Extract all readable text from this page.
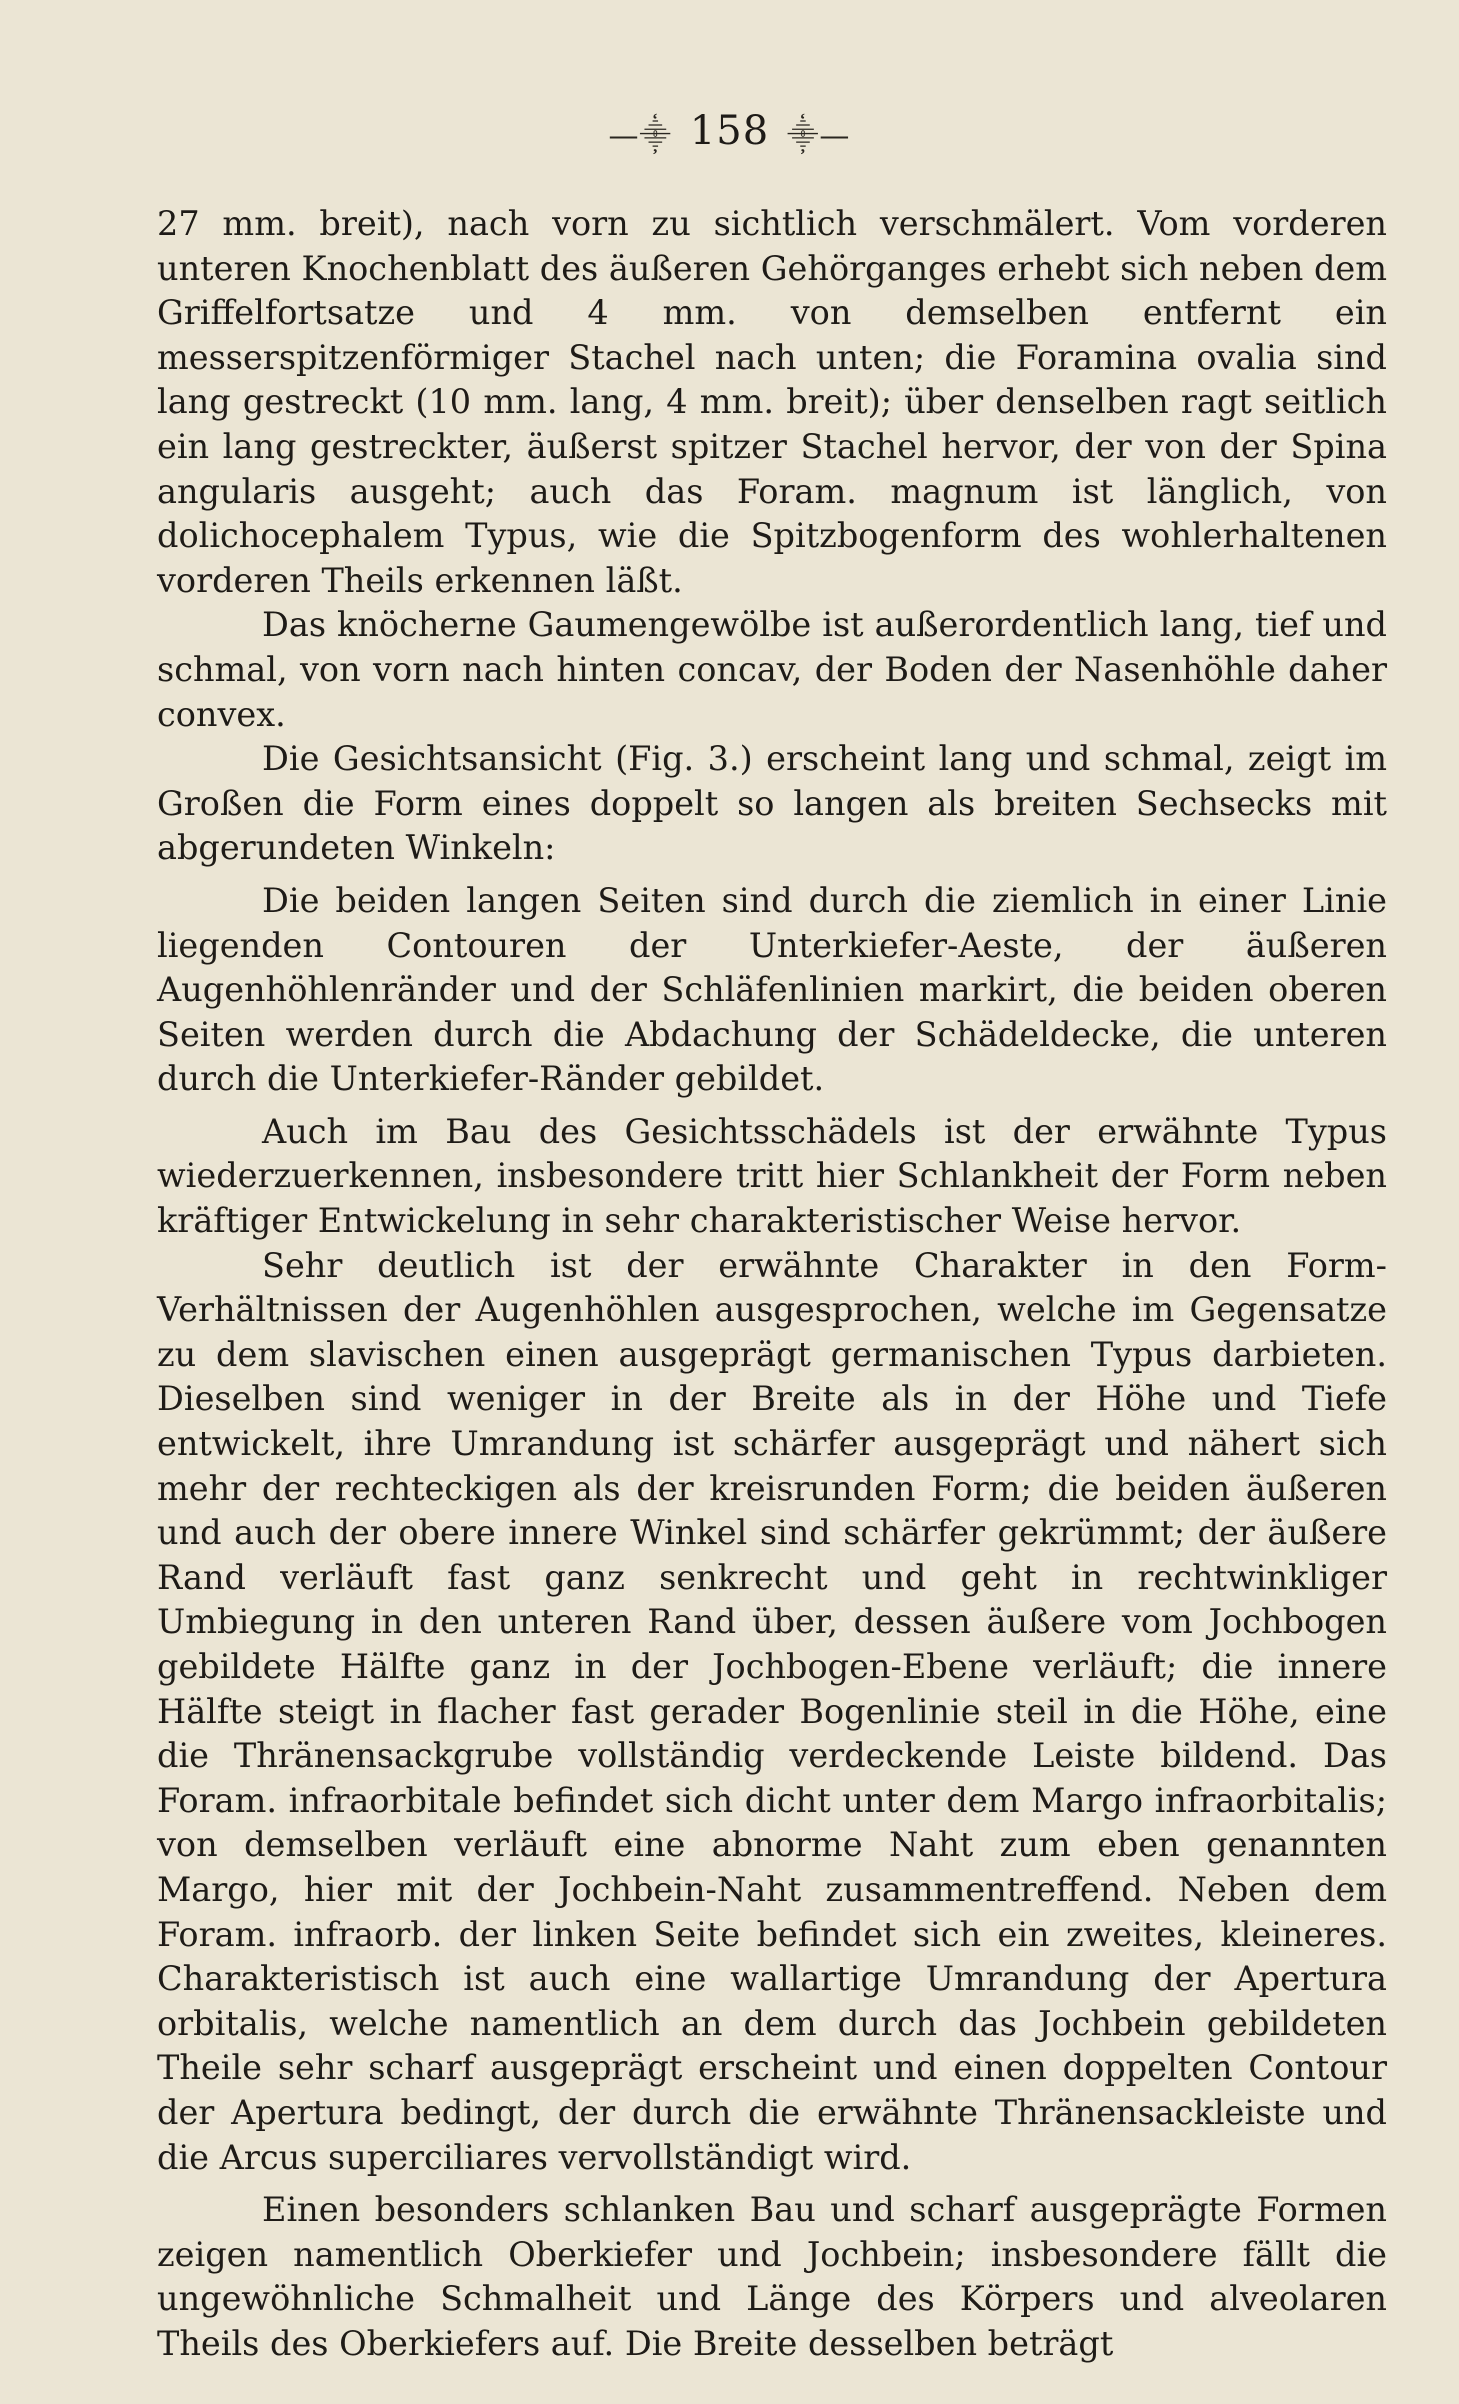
—⸎ 158 ⸎—

27 mm. breit), nach vorn zu sichtlich verschmälert. Vom vorderen unteren Knochenblatt des äußeren Gehörganges erhebt sich neben dem Griffelfortsatze und 4 mm. von demselben entfernt ein messerspitzenförmiger Stachel nach unten; die Foramina ovalia sind lang gestreckt (10 mm. lang, 4 mm. breit); über denselben ragt seitlich ein lang gestreckter, äußerst spitzer Stachel hervor, der von der Spina angularis ausgeht; auch das Foram. magnum ist länglich, von dolichocephalem Typus, wie die Spitzbogenform des wohlerhaltenen vorderen Theils erkennen läßt.

Das knöcherne Gaumengewölbe ist außerordentlich lang, tief und schmal, von vorn nach hinten concav, der Boden der Nasenhöhle daher convex.

Die Gesichtsansicht (Fig. 3.) erscheint lang und schmal, zeigt im Großen die Form eines doppelt so langen als breiten Sechsecks mit abgerundeten Winkeln:

Die beiden langen Seiten sind durch die ziemlich in einer Linie liegenden Contouren der Unterkiefer-Aeste, der äußeren Augenhöhlenränder und der Schläfenlinien markirt, die beiden oberen Seiten werden durch die Abdachung der Schädeldecke, die unteren durch die Unterkiefer-Ränder gebildet.

Auch im Bau des Gesichtsschädels ist der erwähnte Typus wiederzuerkennen, insbesondere tritt hier Schlankheit der Form neben kräftiger Entwickelung in sehr charakteristischer Weise hervor.

Sehr deutlich ist der erwähnte Charakter in den Form-Verhältnissen der Augenhöhlen ausgesprochen, welche im Gegensatze zu dem slavischen einen ausgeprägt germanischen Typus darbieten. Dieselben sind weniger in der Breite als in der Höhe und Tiefe entwickelt, ihre Umrandung ist schärfer ausgeprägt und nähert sich mehr der rechteckigen als der kreisrunden Form; die beiden äußeren und auch der obere innere Winkel sind schärfer gekrümmt; der äußere Rand verläuft fast ganz senkrecht und geht in rechtwinkliger Umbiegung in den unteren Rand über, dessen äußere vom Jochbogen gebildete Hälfte ganz in der Jochbogen-Ebene verläuft; die innere Hälfte steigt in flacher fast gerader Bogenlinie steil in die Höhe, eine die Thränensackgrube vollständig verdeckende Leiste bildend. Das Foram. infraorbitale befindet sich dicht unter dem Margo infraorbitalis; von demselben verläuft eine abnorme Naht zum eben genannten Margo, hier mit der Jochbein-Naht zusammentreffend. Neben dem Foram. infraorb. der linken Seite befindet sich ein zweites, kleineres. Charakteristisch ist auch eine wallartige Umrandung der Apertura orbitalis, welche namentlich an dem durch das Jochbein gebildeten Theile sehr scharf ausgeprägt erscheint und einen doppelten Contour der Apertura bedingt, der durch die erwähnte Thränensackleiste und die Arcus superciliares vervollständigt wird.

Einen besonders schlanken Bau und scharf ausgeprägte Formen zeigen namentlich Oberkiefer und Jochbein; insbesondere fällt die ungewöhnliche Schmalheit und Länge des Körpers und alveolaren Theils des Oberkiefers auf. Die Breite desselben beträgt
